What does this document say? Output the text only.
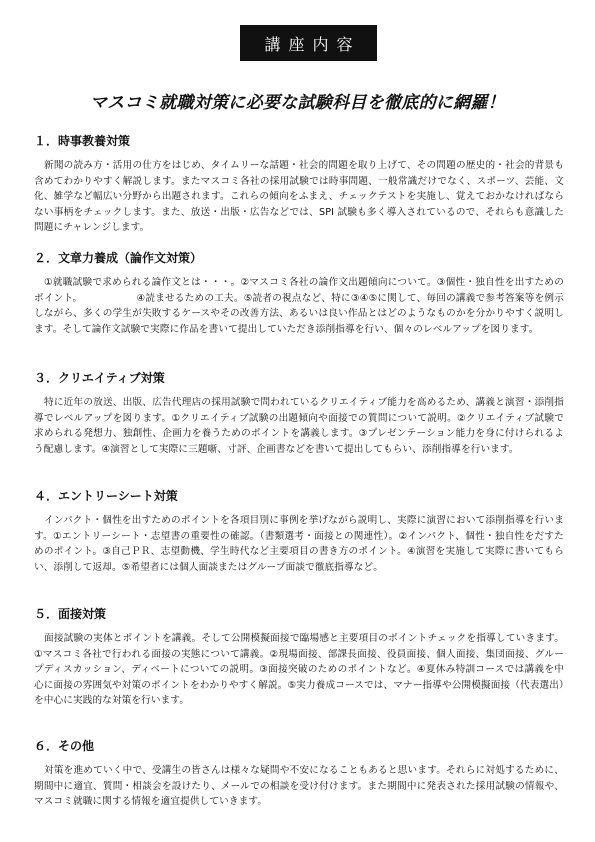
講座内容
マスコミ就職対策に必要な試験科目を徹底的に網羅！
１．時事教養対策

新聞の読み方・活用の仕方をはじめ、タイムリーな話題・社会的問題を取り上げて、その問題の歴史的・社会的背景も含めてわかりやすく解説します。またマスコミ各社の採用試験では時事問題、一般常識だけでなく、スポーツ、芸能、文化、雑学など幅広い分野から出題されます。これらの傾向をふまえ、チェックテストを実施し、覚えておかなければならない事柄をチェックします。また、放送・出版・広告などでは、SPI 試験も多く導入されているので、それらも意識した問題にチャレンジします。

２．文章力養成（論作文対策）

①就職試験で求められる論作文とは・・・。②マスコミ各社の論作文出題傾向について。③個性・独自性を出すためのポイント。　　　　　　④読ませるための工夫。⑤読者の視点など、特に③④⑤に関して、毎回の講義で参考答案等を例示しながら、多くの学生が失敗するケースやその改善方法、あるいは良い作品とはどのようなものかを分かりやすく説明します。そして論作文試験で実際に作品を書いて提出していただき添削指導を行い、個々のレベルアップを図ります。

３．クリエイティブ対策

特に近年の放送、出版、広告代理店の採用試験で問われているクリエイティブ能力を高めるため、講義と演習・添削指導でレベルアップを図ります。①クリエイティブ試験の出題傾向や面接での質問について説明。②クリエイティブ試験で求められる発想力、独創性、企画力を養うためのポイントを講義します。③プレゼンテーション能力を身に付けられるよう配慮します。④演習として実際に三題噺、寸評、企画書などを書いて提出してもらい、添削指導を行います。

４．エントリーシート対策

インパクト・個性を出すためのポイントを各項目別に事例を挙げながら説明し、実際に演習において添削指導を行います。①エントリーシート・志望書の重要性の確認。（書類選考・面接との関連性）。②インパクト、個性・独自性をだすためのポイント。③自己ＰＲ、志望動機、学生時代など主要項目の書き方のポイント。④演習を実施して実際に書いてもらい、添削して返却。⑤希望者には個人面談またはグループ面談で徹底指導など。

５．面接対策

面接試験の実体とポイントを講義。そして公開模擬面接で臨場感と主要項目のポイントチェックを指導していきます。①マスコミ各社で行われる面接の実態について講義。②現場面接、部課長面接、役員面接、個人面接、集団面接、グループディスカッション、ディベートについての説明。③面接突破のためのポイントなど。④夏休み特訓コースでは講義を中心に面接の雰囲気や対策のポイントをわかりやすく解説。⑤実力養成コースでは、マナー指導や公開模擬面接（代表選出）を中心に実践的な対策を行います。

６．その他

対策を進めていく中で、受講生の皆さんは様々な疑問や不安になることもあると思います。それらに対処するために、期間中に適宜、質問・相談会を設けたり、メールでの相談を受け付けます。また期間中に発表された採用試験の情報や、マスコミ就職に関する情報を適宜提供していきます。
